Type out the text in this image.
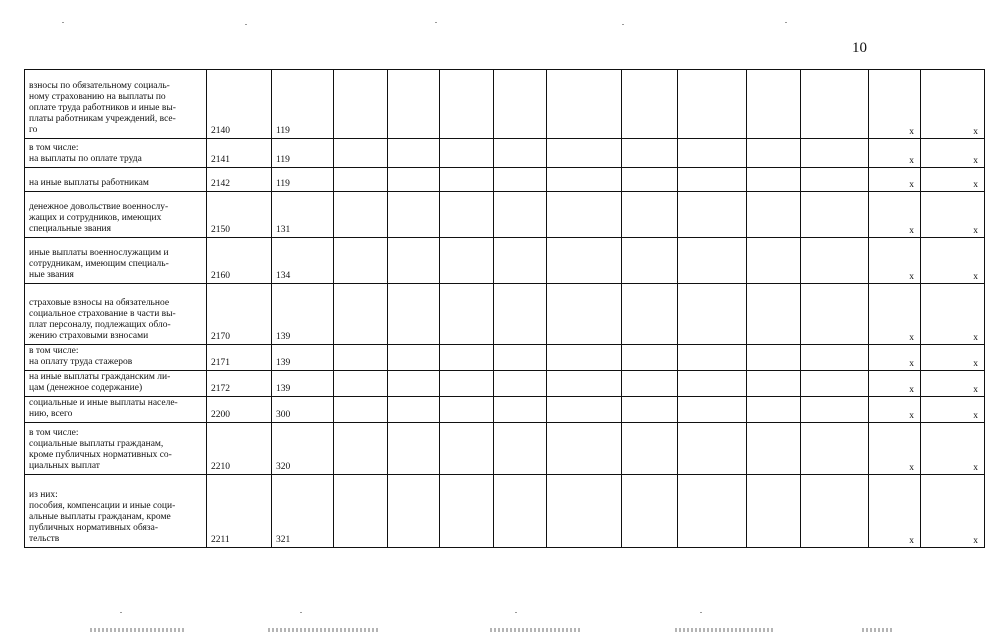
10
взносы по обязательному социаль-
ному страхованию на выплаты по
оплате труда работников и иные вы-
платы работникам учреждений, все-
го	2140	119										x	x
в том числе:
на выплаты по оплате труда	2141	119										x	x
на иные выплаты работникам	2142	119										x	x
денежное довольствие военнослу-
жащих и сотрудников, имеющих
специальные звания	2150	131										x	x
иные выплаты военнослужащим и
сотрудникам, имеющим специаль-
ные звания	2160	134										x	x
страховые взносы на обязательное
социальное страхование в части вы-
плат персоналу, подлежащих обло-
жению страховыми взносами	2170	139										x	x
в том числе:
на оплату труда стажеров	2171	139										x	x
на иные выплаты гражданским ли-
цам (денежное содержание)	2172	139										x	x
социальные и иные выплаты населе-
нию, всего	2200	300										x	x
в том числе:
социальные выплаты гражданам,
кроме публичных нормативных со-
циальных выплат	2210	320										x	x
из них:
пособия, компенсации и иные соци-
альные выплаты гражданам, кроме
публичных нормативных обяза-
тельств	2211	321										x	x
